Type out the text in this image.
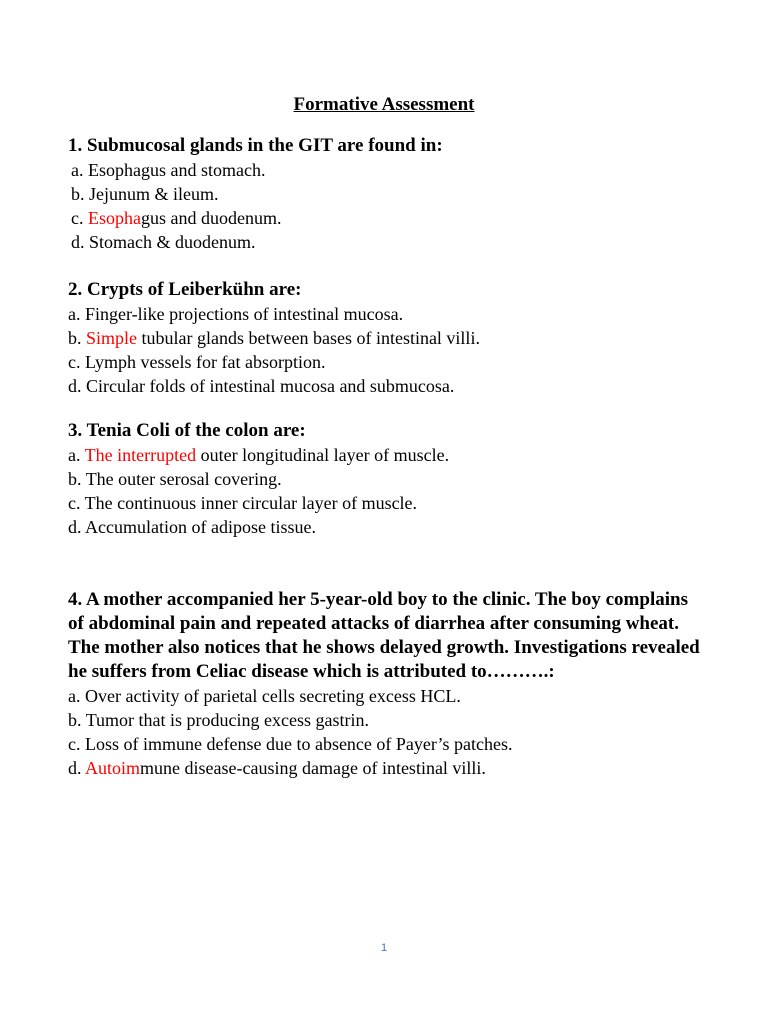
Formative Assessment

1. Submucosal glands in the GIT are found in:

a. Esophagus and stomach.

b. Jejunum & ileum.

c. Esophagus and duodenum.

d. Stomach & duodenum.

2. Crypts of Leiberkühn are:

a. Finger-like projections of intestinal mucosa.

b. Simple tubular glands between bases of intestinal villi.

c. Lymph vessels for fat absorption.

d. Circular folds of intestinal mucosa and submucosa.

3. Tenia Coli of the colon are:

a. The interrupted outer longitudinal layer of muscle.

b. The outer serosal covering.

c. The continuous inner circular layer of muscle.

d. Accumulation of adipose tissue.

4. A mother accompanied her 5-year-old boy to the clinic. The boy complains of abdominal pain and repeated attacks of diarrhea after consuming wheat. The mother also notices that he shows delayed growth. Investigations revealed he suffers from Celiac disease which is attributed to……….:

a. Over activity of parietal cells secreting excess HCL.

b. Tumor that is producing excess gastrin.

c. Loss of immune defense due to absence of Payer’s patches.

d. Autoimmune disease-causing damage of intestinal villi.

1
